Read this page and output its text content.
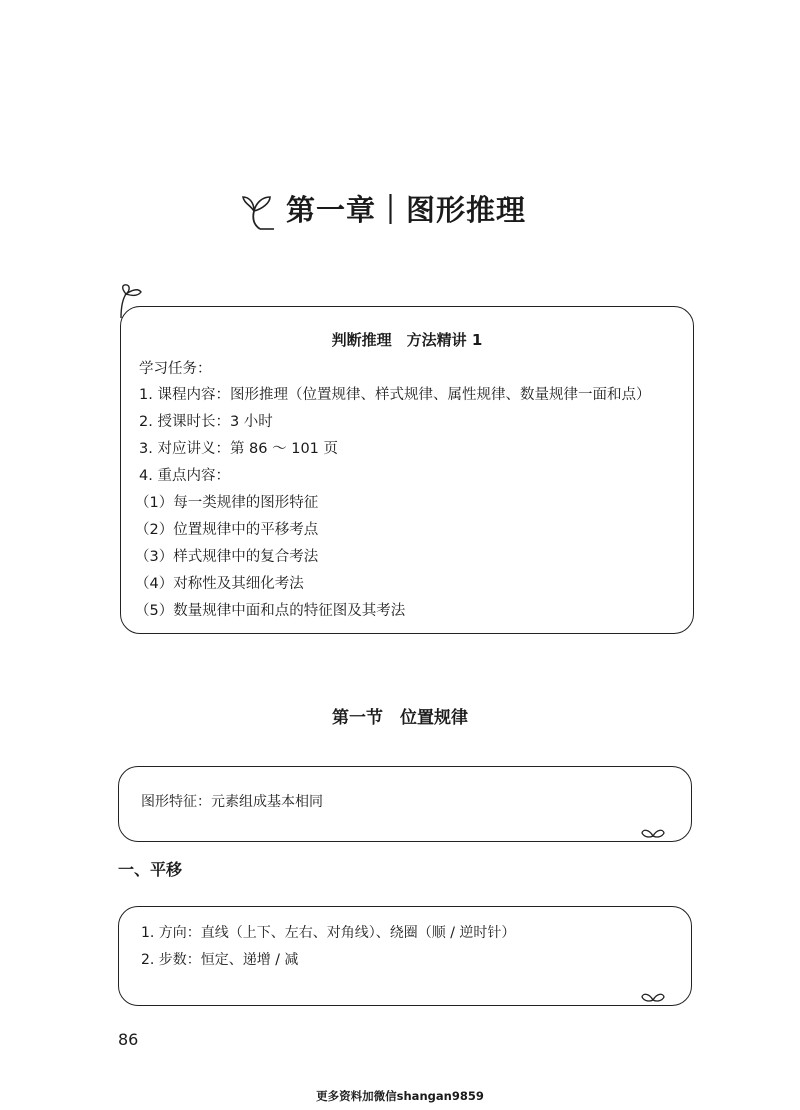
第一章｜图形推理
判断推理　方法精讲 1
学习任务：
1. 课程内容：图形推理（位置规律、样式规律、属性规律、数量规律一面和点）
2. 授课时长：3 小时
3. 对应讲义：第 86 ～ 101 页
4. 重点内容：
（1）每一类规律的图形特征
（2）位置规律中的平移考点
（3）样式规律中的复合考法
（4）对称性及其细化考法
（5）数量规律中面和点的特征图及其考法
第一节　位置规律
图形特征：元素组成基本相同
一、平移
1. 方向：直线（上下、左右、对角线）、绕圈（顺 / 逆时针）
2. 步数：恒定、递增 / 减
86
更多资料加微信shangan9859
